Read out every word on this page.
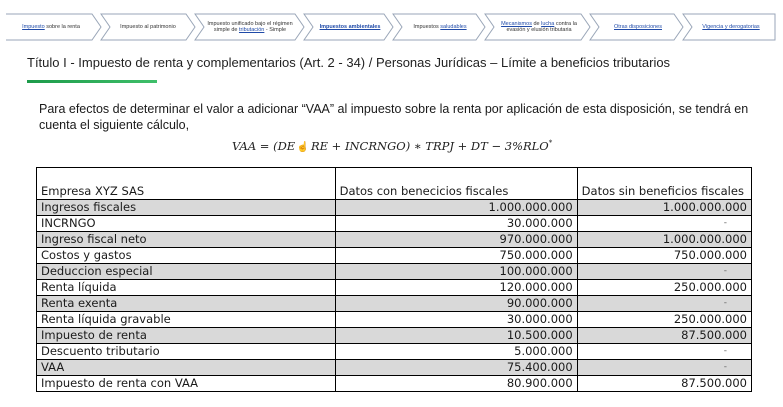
Impuesto sobre la renta	Impuesto al patrimonio
Impuesto unificado bajo el régimen simple de tributación - Simple
Impuestos ambientales	Impuestos saludables
Mecanismos de lucha contra la evasión y elusión tributaria
Otras disposiciones	Vigencia y derogatorias
Título I - Impuesto de renta y complementarios (Art. 2 - 34) / Personas Jurídicas – Límite a beneficios tributarios
Para efectos de determinar el valor a adicionar “VAA” al impuesto sobre la renta por aplicación de esta disposición, se tendrá en cuenta el siguiente cálculo,
VAA = (DE ☝ RE + INCRNGO) ∗ TRPJ + DT − 3%RLO*
Empresa XYZ SAS	Datos con benecicios fiscales	Datos sin beneficios fiscales
Ingresos fiscales	1.000.000.000	1.000.000.000
INCRNGO	30.000.000	-
Ingreso fiscal neto	970.000.000	1.000.000.000
Costos y gastos	750.000.000	750.000.000
Deduccion especial	100.000.000	-
Renta líquida	120.000.000	250.000.000
Renta exenta	90.000.000	-
Renta líquida gravable	30.000.000	250.000.000
Impuesto de renta	10.500.000	87.500.000
Descuento tributario	5.000.000	-
VAA	75.400.000	-
Impuesto de renta con VAA	80.900.000	87.500.000
